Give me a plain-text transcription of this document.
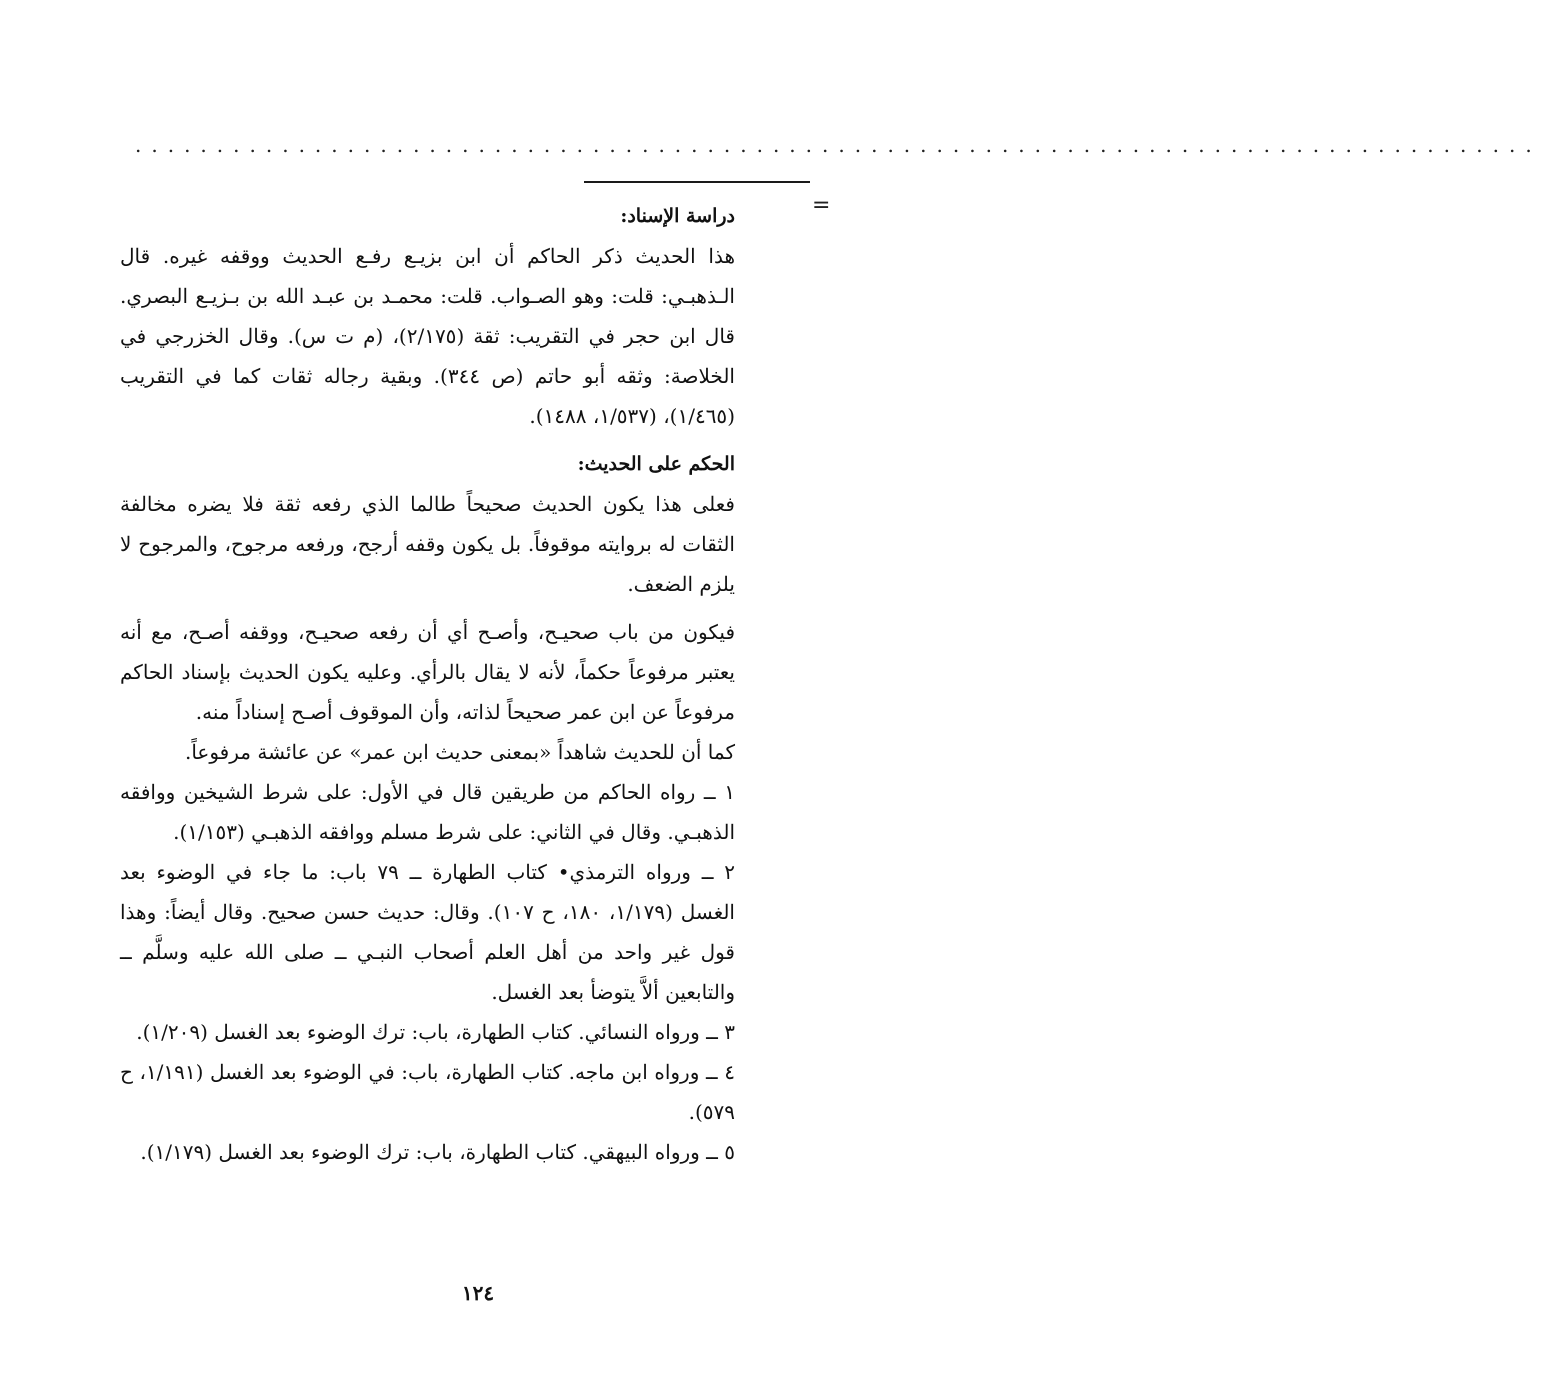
......................................................................................
=

دراسة الإسناد:

هذا الحديث ذكر الحاكم أن ابن بزيـع رفـع الحديث ووقفه غيره. قال الـذهبـي: قلت: وهو الصـواب. قلت: محمـد بن عبـد الله بن بـزيـع البصري. قال ابن حجر في التقريب: ثقة (٢/١٧٥)، (م ت س). وقال الخزرجي في الخلاصة: وثقه أبو حاتم (ص ٣٤٤). وبقية رجاله ثقات كما في التقريب (١/٤٦٥)، (١/٥٣٧، ١٤٨٨).

الحكم على الحديث:

فعلى هذا يكون الحديث صحيحاً طالما الذي رفعه ثقة فلا يضره مخالفة الثقات له بروايته موقوفاً. بل يكون وقفه أرجح، ورفعه مرجوح، والمرجوح لا يلزم الضعف.

فيكون من باب صحيـح، وأصـح أي أن رفعه صحيـح، ووقفه أصـح، مع أنه يعتبر مرفوعاً حكماً، لأنه لا يقال بالرأي. وعليه يكون الحديث بإسناد الحاكم مرفوعاً عن ابن عمر صحيحاً لذاته، وأن الموقوف أصـح إسناداً منه.

كما أن للحديث شاهداً «بمعنى حديث ابن عمر» عن عائشة مرفوعاً.

١ ــ رواه الحاكم من طريقين قال في الأول: على شرط الشيخين ووافقه الذهبـي. وقال في الثاني: على شرط مسلم ووافقه الذهبـي (١/١٥٣).

٢ ــ ورواه الترمذي• كتاب الطهارة ــ ٧٩ باب: ما جاء في الوضوء بعد الغسل (١/١٧٩، ١٨٠، ح ١٠٧). وقال: حديث حسن صحيح. وقال أيضاً: وهذا قول غير واحد من أهل العلم أصحاب النبـي ــ صلى الله عليه وسلَّم ــ والتابعين ألاَّ يتوضأ بعد الغسل.

٣ ــ ورواه النسائي. كتاب الطهارة، باب: ترك الوضوء بعد الغسل (١/٢٠٩).

٤ ــ ورواه ابن ماجه. كتاب الطهارة، باب: في الوضوء بعد الغسل (١/١٩١، ح ٥٧٩).

٥ ــ ورواه البيهقي. كتاب الطهارة، باب: ترك الوضوء بعد الغسل (١/١٧٩).

١٢٤
